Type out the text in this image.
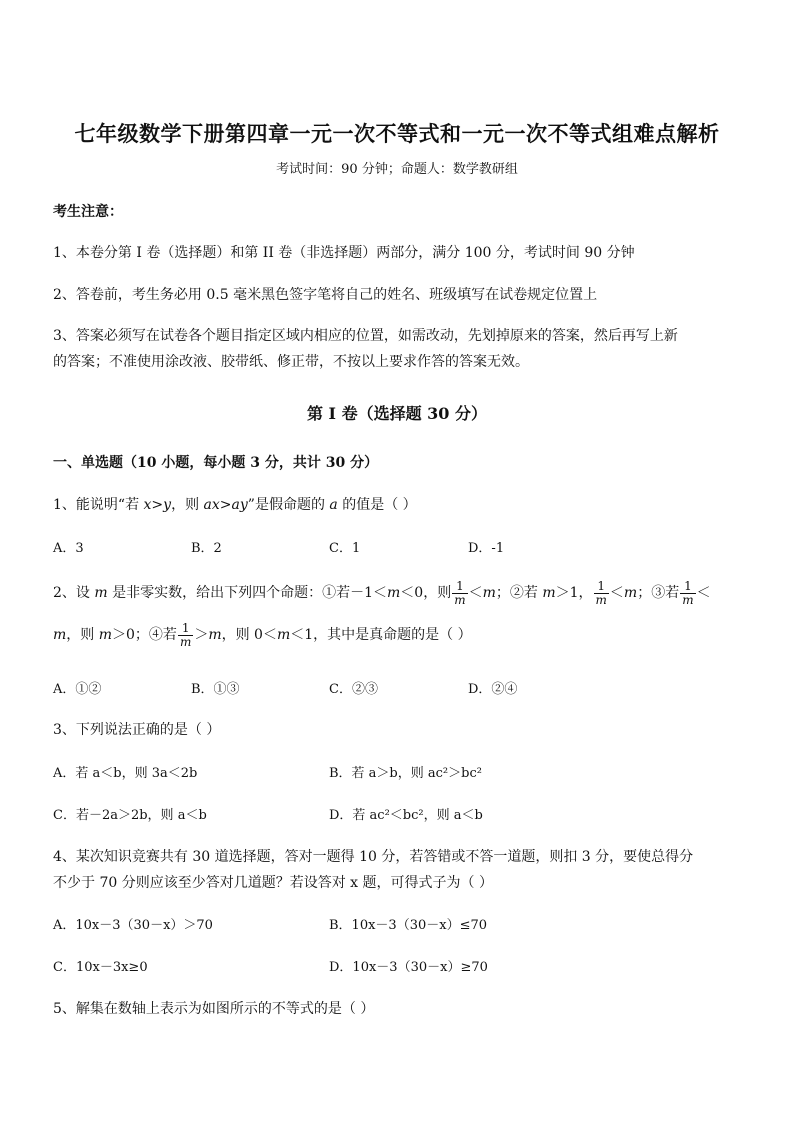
七年级数学下册第四章一元一次不等式和一元一次不等式组难点解析
考试时间：90 分钟；命题人：数学教研组
考生注意：
1、本卷分第 I 卷（选择题）和第 II 卷（非选择题）两部分，满分 100 分，考试时间 90 分钟
2、答卷前，考生务必用 0.5 毫米黑色签字笔将自己的姓名、班级填写在试卷规定位置上
3、答案必须写在试卷各个题目指定区域内相应的位置，如需改动，先划掉原来的答案，然后再写上新
的答案；不准使用涂改液、胶带纸、修正带，不按以上要求作答的答案无效。
第 I 卷（选择题 30 分）
一、单选题（10 小题，每小题 3 分，共计 30 分）
1、能说明“若 x>y，则 ax>ay”是假命题的 a 的值是（ ）
A．3	B．2	C．1	D．-1
2、设 m 是非零实数，给出下列四个命题：①若－1＜m＜0，则 $\frac{1}{m} <m$；②若 m＞1， $\frac{1}{m} <m$；③若 $\frac{1}{m}$ ＜
m，则 m＞0；④若 $\frac{1}{m} >m$，则 0＜m＜1，其中是真命题的是（ ）
A．①②	B．①③	C．②③	D．②④
3、下列说法正确的是（ ）
A．若 a＜b，则 3a＜2b	B．若 a＞b，则 ac²＞bc²
C．若－2a＞2b，则 a＜b	D．若 ac²＜bc²，则 a＜b
4、某次知识竞赛共有 30 道选择题，答对一题得 10 分，若答错或不答一道题，则扣 3 分，要使总得分
不少于 70 分则应该至少答对几道题？若设答对 x 题，可得式子为（ ）
A．10x－3（30－x）＞70	B．10x－3（30－x）≤70
C．10x－3x≥0	D．10x－3（30－x）≥70
5、解集在数轴上表示为如图所示的不等式的是（ ）
